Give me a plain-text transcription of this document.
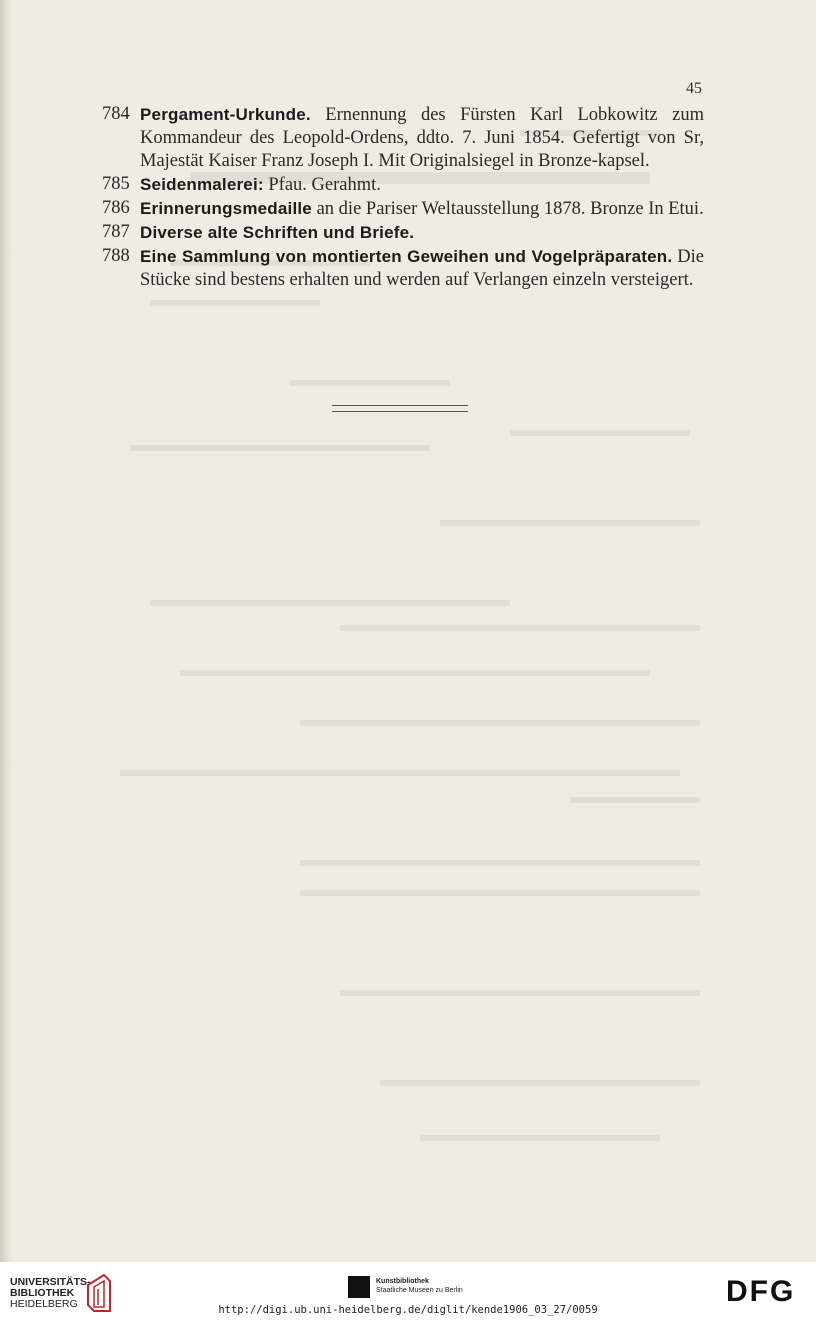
45
784 Pergament-Urkunde. Ernennung des Fürsten Karl Lobkowitz zum Kommandeur des Leopold-Ordens, ddto. 7. Juni 1854. Gefertigt von Sr, Majestät Kaiser Franz Joseph I. Mit Originalsiegel in Bronze-kapsel.
785 Seidenmalerei: Pfau. Gerahmt.
786 Erinnerungsmedaille an die Pariser Weltausstellung 1878. Bronze In Etui.
787 Diverse alte Schriften und Briefe.
788 Eine Sammlung von montierten Geweihen und Vogelpräparaten. Die Stücke sind bestens erhalten und werden auf Verlangen einzeln versteigert.
UNIVERSITÄTS-
BIBLIOTHEK
HEIDELBERG
Kunstbibliothek
Staatliche Museen zu Berlin	DFG
http://digi.ub.uni-heidelberg.de/diglit/kende1906_03_27/0059
